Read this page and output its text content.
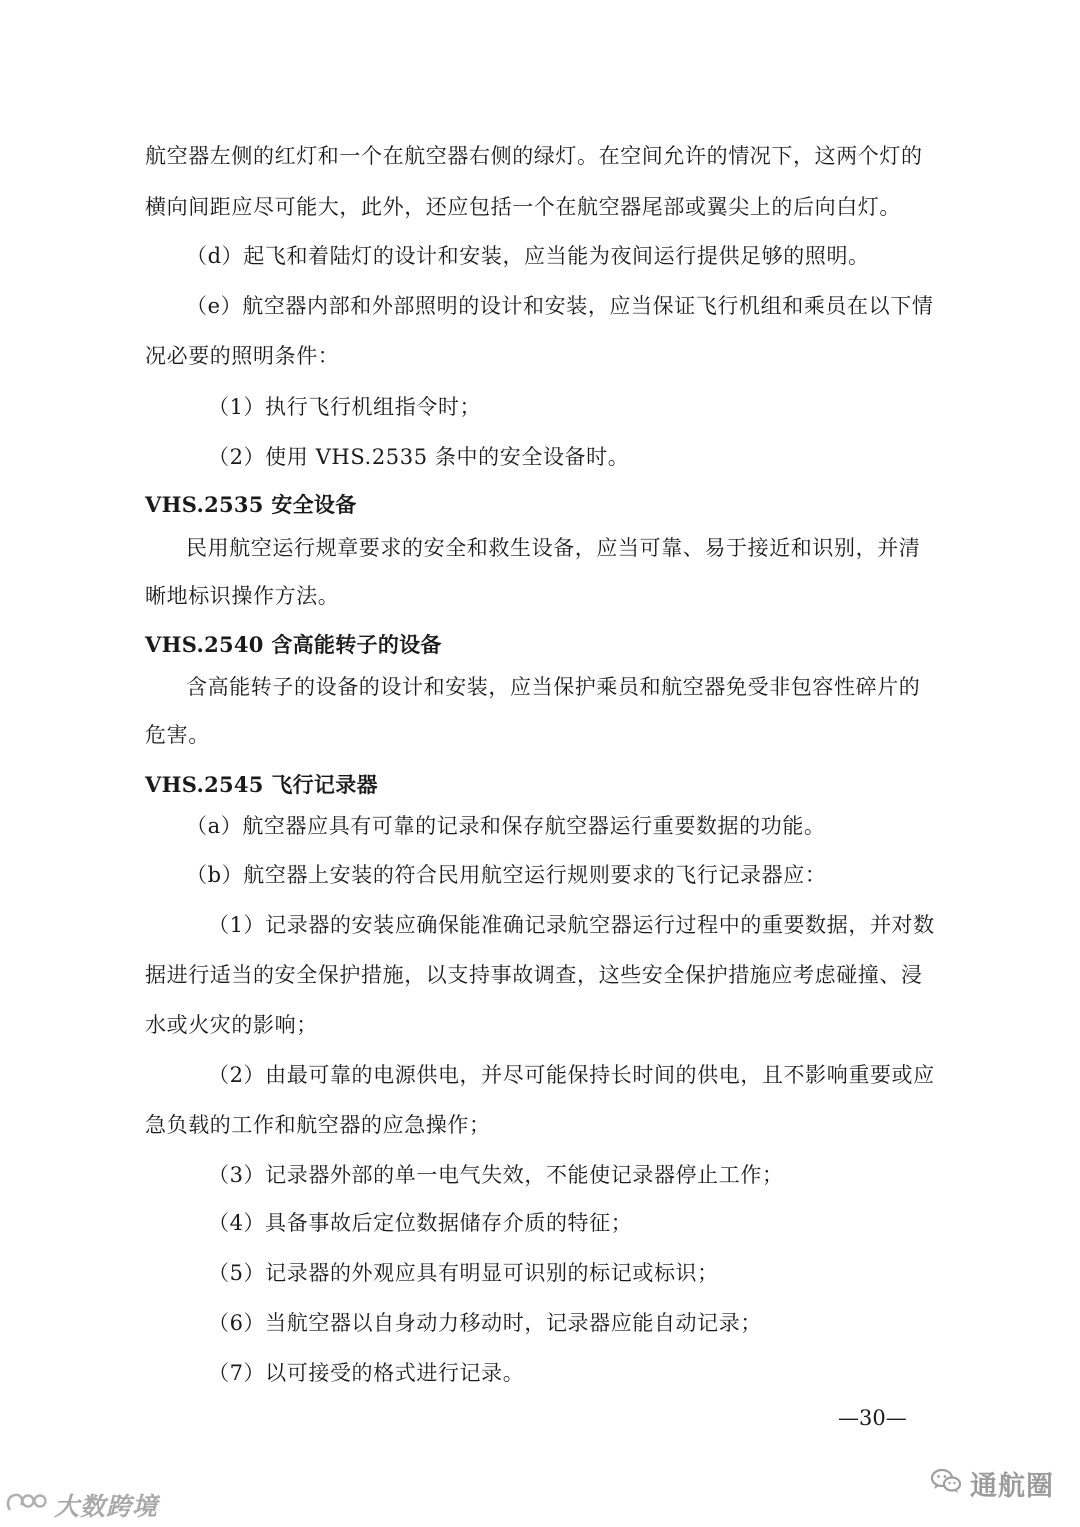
航空器左侧的红灯和一个在航空器右侧的绿灯。在空间允许的情况下，这两个灯的
横向间距应尽可能大，此外，还应包括一个在航空器尾部或翼尖上的后向白灯。
（d）起飞和着陆灯的设计和安装，应当能为夜间运行提供足够的照明。
（e）航空器内部和外部照明的设计和安装，应当保证飞行机组和乘员在以下情
况必要的照明条件：
（1）执行飞行机组指令时；
（2）使用 VHS.2535 条中的安全设备时。
VHS.2535 安全设备
民用航空运行规章要求的安全和救生设备，应当可靠、易于接近和识别，并清
晰地标识操作方法。
VHS.2540 含高能转子的设备
含高能转子的设备的设计和安装，应当保护乘员和航空器免受非包容性碎片的
危害。
VHS.2545 飞行记录器
（a）航空器应具有可靠的记录和保存航空器运行重要数据的功能。
（b）航空器上安装的符合民用航空运行规则要求的飞行记录器应：
（1）记录器的安装应确保能准确记录航空器运行过程中的重要数据，并对数
据进行适当的安全保护措施，以支持事故调查，这些安全保护措施应考虑碰撞、浸
水或火灾的影响；
（2）由最可靠的电源供电，并尽可能保持长时间的供电，且不影响重要或应
急负载的工作和航空器的应急操作；
（3）记录器外部的单一电气失效，不能使记录器停止工作；
（4）具备事故后定位数据储存介质的特征；
（5）记录器的外观应具有明显可识别的标记或标识；
（6）当航空器以自身动力移动时，记录器应能自动记录；
（7）以可接受的格式进行记录。
—30—
通航圈
大数跨境
